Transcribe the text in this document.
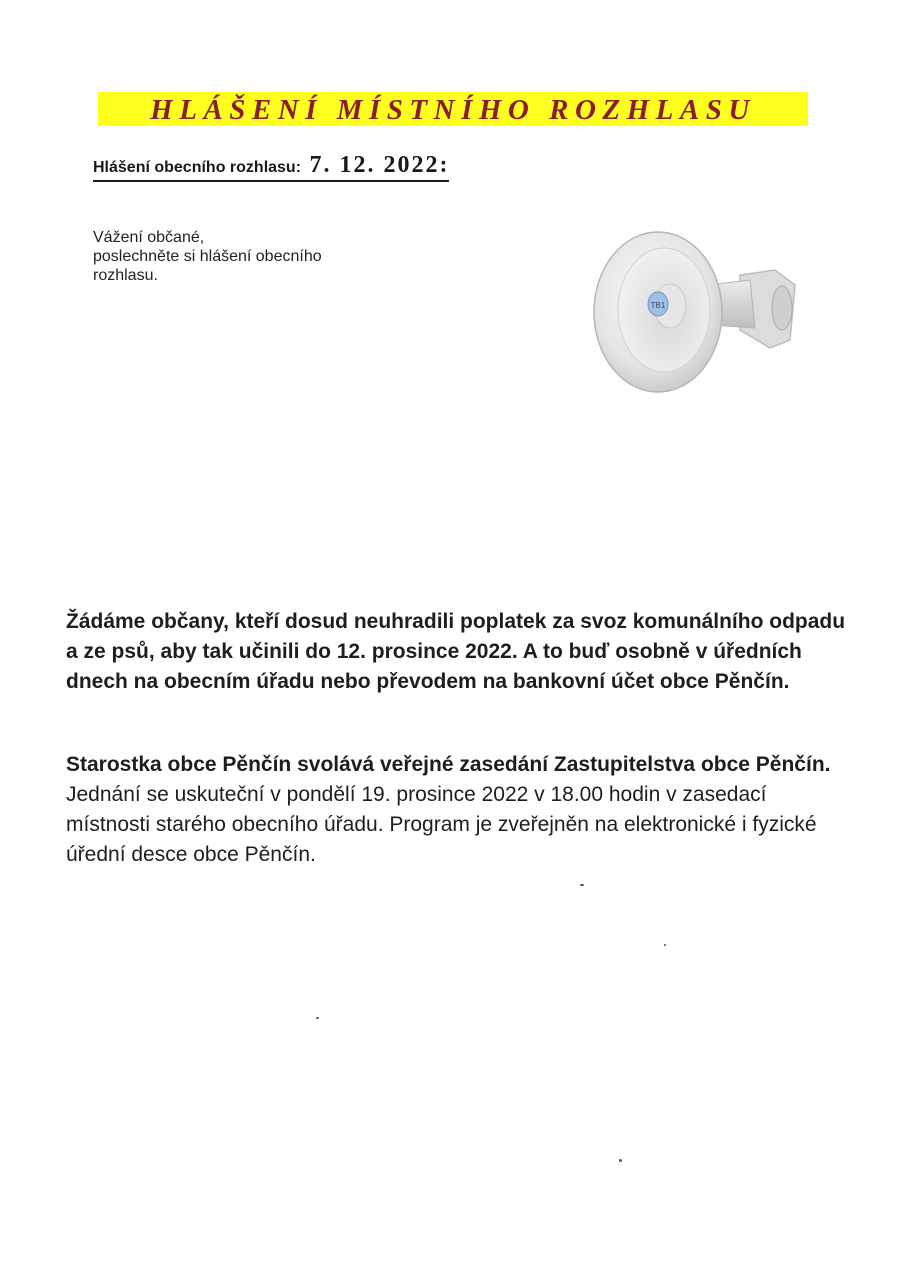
HLÁŠENÍ MÍSTNÍHO ROZHLASU
Hlášení obecního rozhlasu: 7. 12. 2022:
Vážení občané,
poslechněte si hlášení obecního
rozhlasu.
TB1
Žádáme občany, kteří dosud neuhradili poplatek za svoz komunálního odpadu a ze psů, aby tak učinili do 12. prosince 2022. A to buď osobně v úředních dnech na obecním úřadu nebo převodem na bankovní účet obce Pěnčín.
Starostka obce Pěnčín svolává veřejné zasedání Zastupitelstva obce Pěnčín. Jednání se uskuteční v pondělí 19. prosince 2022 v 18.00 hodin v zasedací místnosti starého obecního úřadu. Program je zveřejněn na elektronické i fyzické úřední desce obce Pěnčín.
